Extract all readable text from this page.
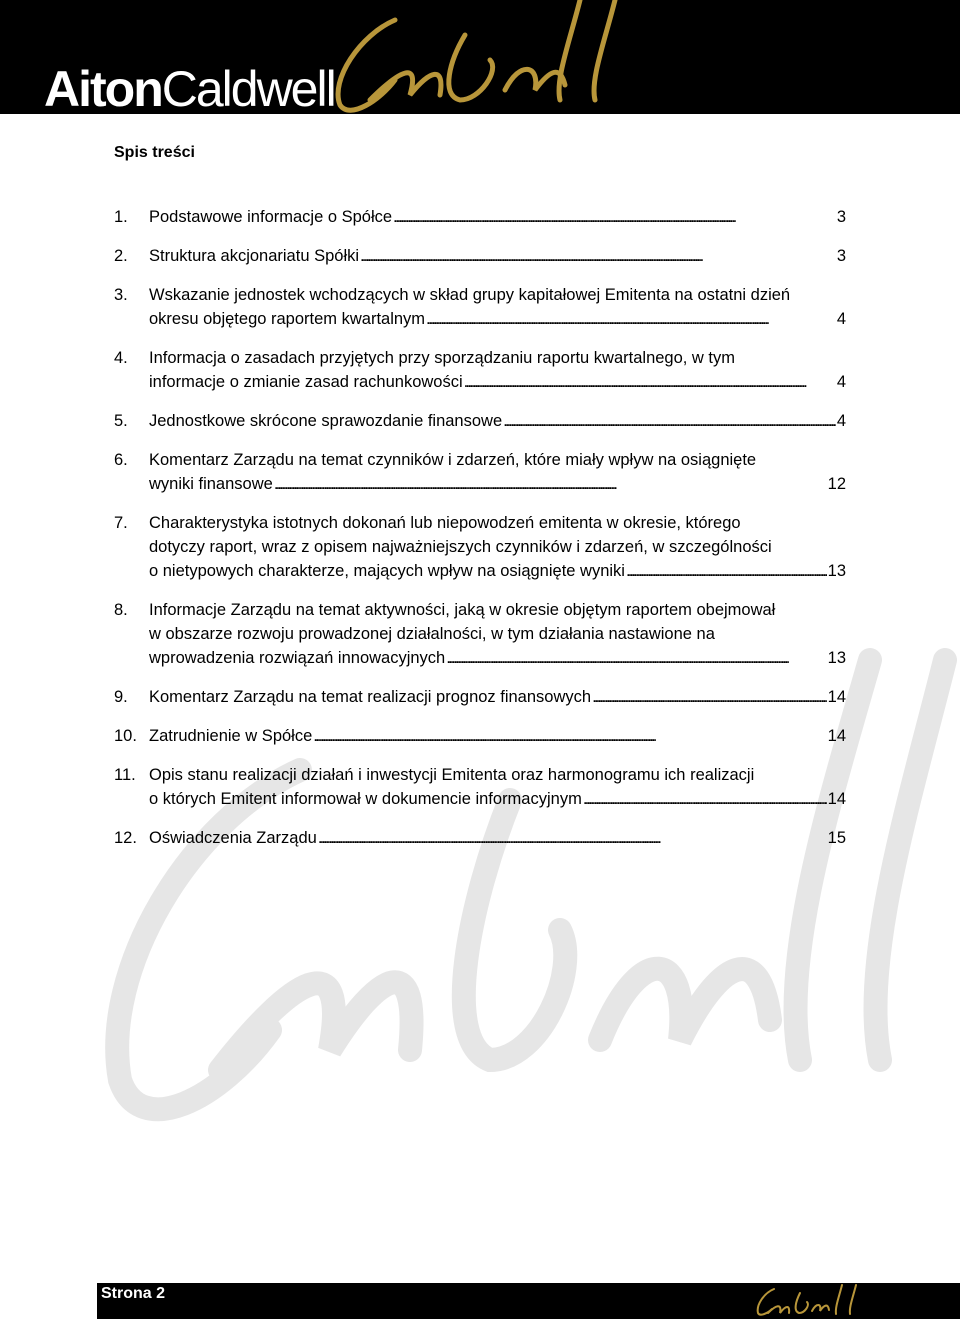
AitonCaldwell
Spis treści
1. Podstawowe informacje o Spółce . . .	3
2. Struktura akcjonariatu Spółki . . .	3
3. Wskazanie jednostek wchodzących w skład grupy kapitałowej Emitenta na ostatni dzień
okresu objętego raportem kwartalnym . . .	4
4. Informacja o zasadach przyjętych przy sporządzaniu raportu kwartalnego, w tym
informacje o zmianie zasad rachunkowości . . .	4
5. Jednostkowe skrócone sprawozdanie finansowe . . .	4
6. Komentarz Zarządu na temat czynników i zdarzeń, które miały wpływ na osiągnięte
wyniki finansowe . . .	12
7. Charakterystyka istotnych dokonań lub niepowodzeń emitenta w okresie, którego
dotyczy raport, wraz z opisem najważniejszych czynników i zdarzeń, w szczególności
o nietypowych charakterze, mających wpływ na osiągnięte wyniki . . .	13
8. Informacje Zarządu na temat aktywności, jaką w okresie objętym raportem obejmował
w obszarze rozwoju prowadzonej działalności, w tym działania nastawione na
wprowadzenia rozwiązań innowacyjnych . . .	13
9. Komentarz Zarządu na temat realizacji prognoz finansowych . . .	14
10. Zatrudnienie w Spółce . . .	14
11. Opis stanu realizacji działań i inwestycji Emitenta oraz harmonogramu ich realizacji
o których Emitent informował w dokumencie informacyjnym . . .	14
12. Oświadczenia Zarządu . . .	15
Strona 2
